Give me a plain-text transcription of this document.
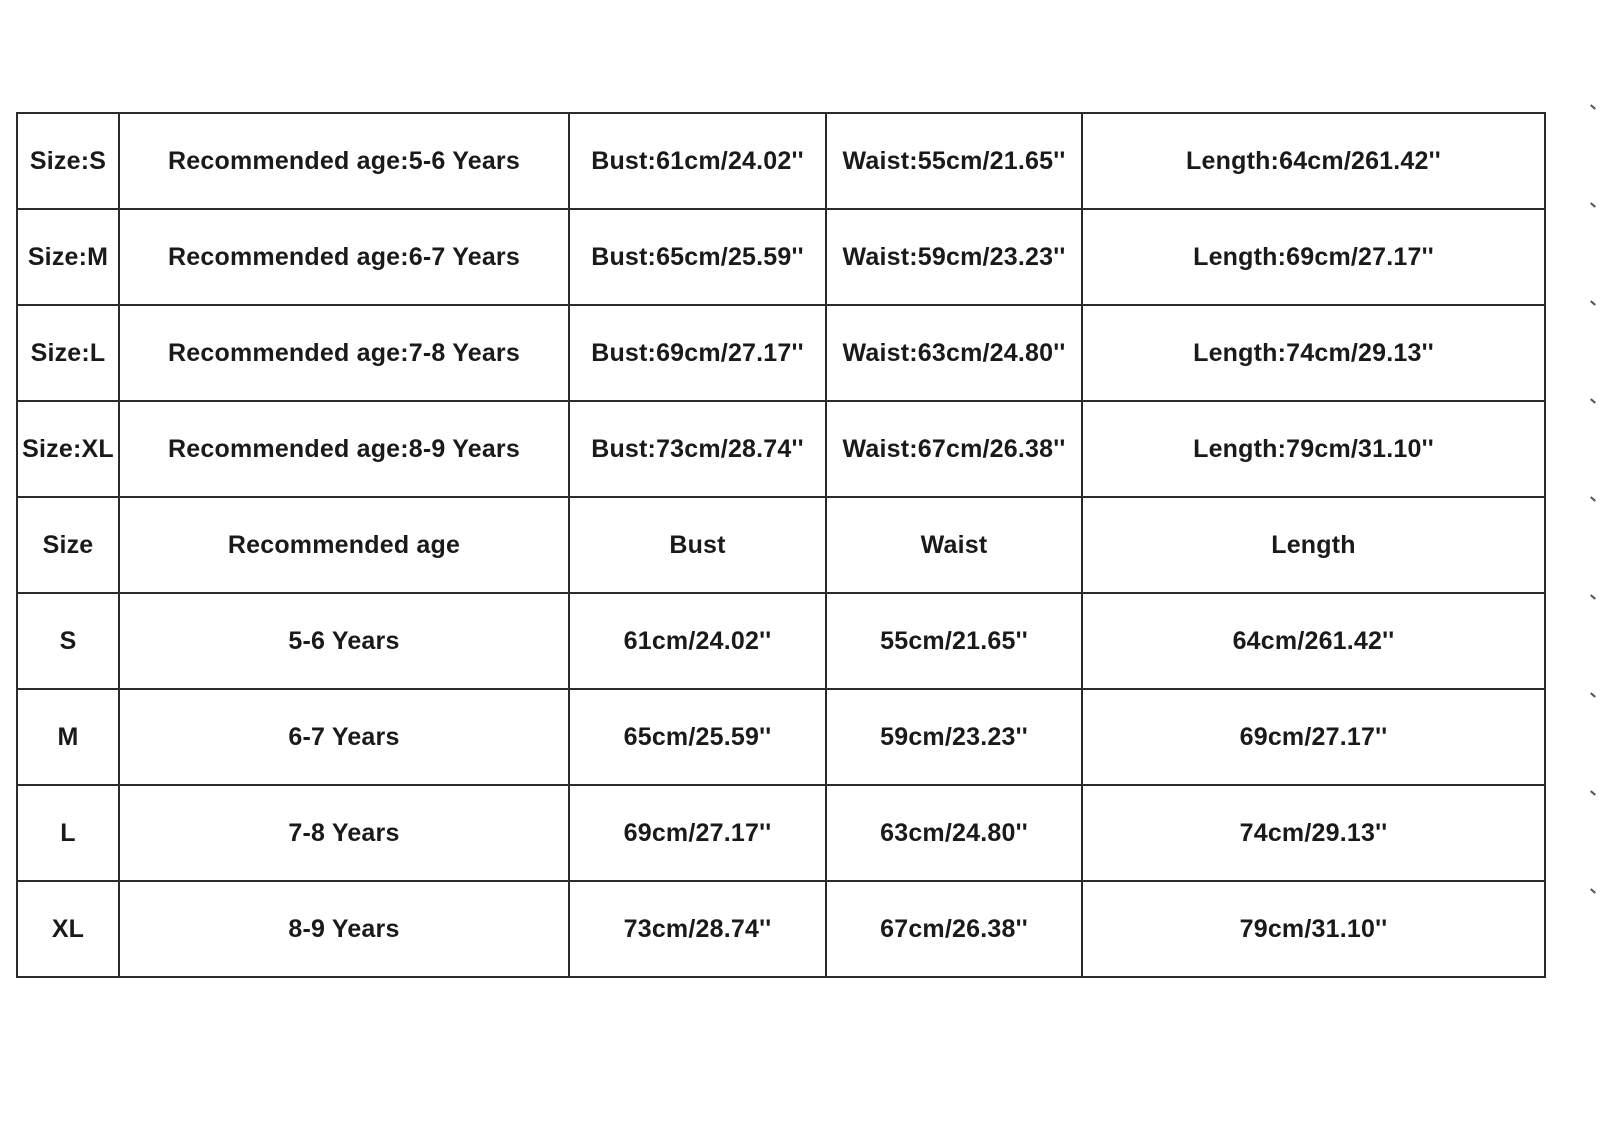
Size:S	Recommended age:5-6 Years	Bust:61cm/24.02''	Waist:55cm/21.65''	Length:64cm/261.42''
Size:M	Recommended age:6-7 Years	Bust:65cm/25.59''	Waist:59cm/23.23''	Length:69cm/27.17''
Size:L	Recommended age:7-8 Years	Bust:69cm/27.17''	Waist:63cm/24.80''	Length:74cm/29.13''
Size:XL	Recommended age:8-9 Years	Bust:73cm/28.74''	Waist:67cm/26.38''	Length:79cm/31.10''
Size	Recommended age	Bust	Waist	Length
S	5-6 Years	61cm/24.02''	55cm/21.65''	64cm/261.42''
M	6-7 Years	65cm/25.59''	59cm/23.23''	69cm/27.17''
L	7-8 Years	69cm/27.17''	63cm/24.80''	74cm/29.13''
XL	8-9 Years	73cm/28.74''	67cm/26.38''	79cm/31.10''
